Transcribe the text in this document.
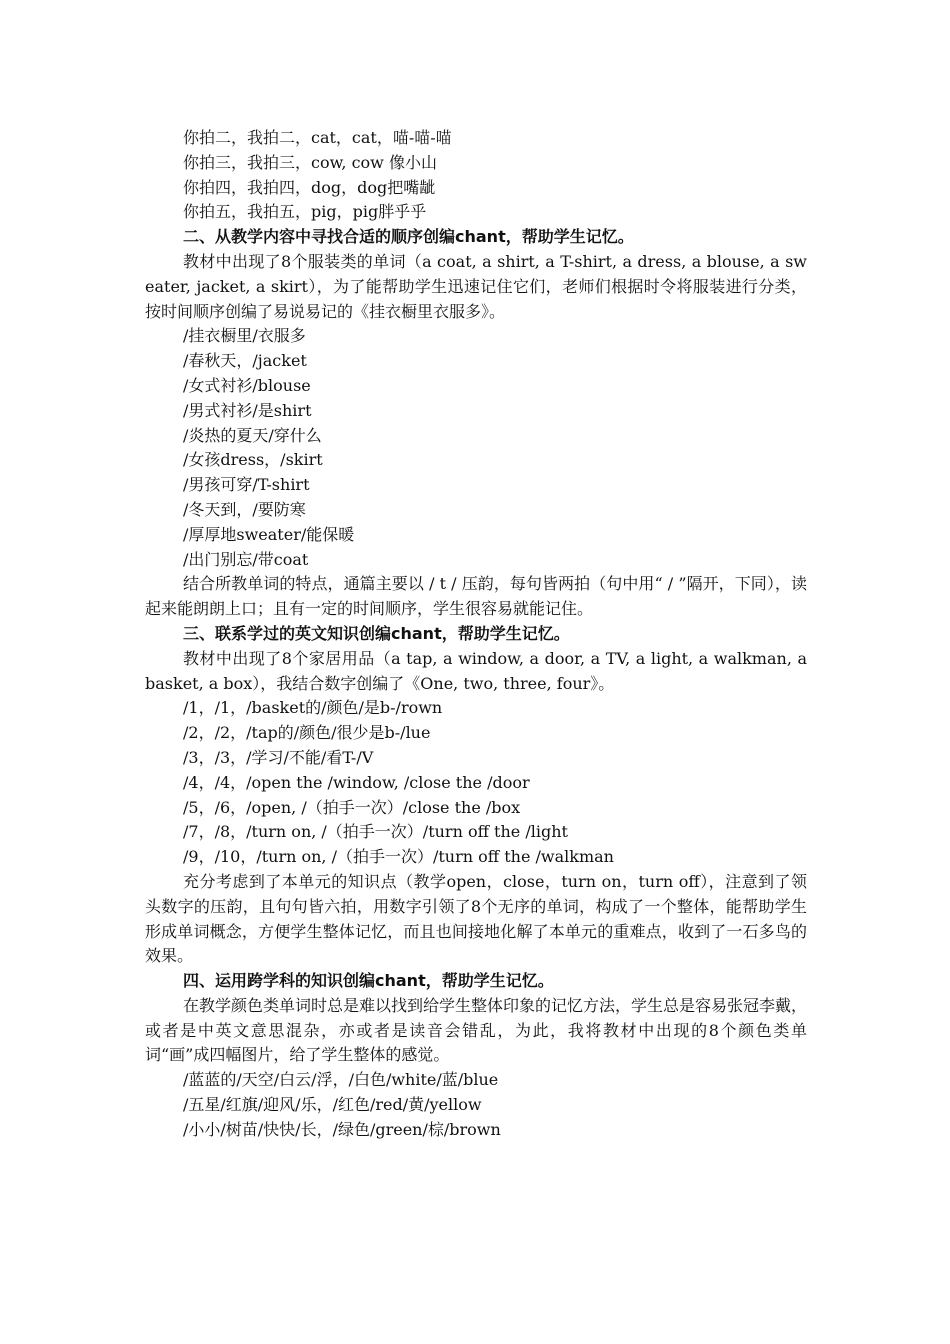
你拍二，我拍二，cat，cat，喵-喵-喵

你拍三，我拍三，cow, cow 像小山

你拍四，我拍四，dog，dog把嘴龇

你拍五，我拍五，pig，pig胖乎乎

二、从教学内容中寻找合适的顺序创编chant，帮助学生记忆。

教材中出现了8个服装类的单词（a coat, a shirt, a T-shirt, a dress, a blouse, a sweater, jacket, a skirt），为了能帮助学生迅速记住它们，老师们根据时令将服装进行分类，按时间顺序创编了易说易记的《挂衣橱里衣服多》。

/挂衣橱里/衣服多

/春秋天，/jacket

/女式衬衫/blouse

/男式衬衫/是shirt

/炎热的夏天/穿什么

/女孩dress，/skirt

/男孩可穿/T-shirt

/冬天到，/要防寒

/厚厚地sweater/能保暖

/出门别忘/带coat

结合所教单词的特点，通篇主要以 / t / 压韵，每句皆两拍（句中用“ / ”隔开，下同），读起来能朗朗上口；且有一定的时间顺序，学生很容易就能记住。

三、联系学过的英文知识创编chant，帮助学生记忆。

教材中出现了8个家居用品（a tap, a window, a door, a TV, a light, a walkman, a basket, a box），我结合数字创编了《One, two, three, four》。

/1，/1，/basket的/颜色/是b-/rown

/2，/2，/tap的/颜色/很少是b-/lue

/3，/3，/学习/不能/看T-/V

/4，/4，/open the /window, /close the /door

/5，/6，/open, /（拍手一次）/close the /box

/7，/8，/turn on, /（拍手一次）/turn off the /light

/9，/10，/turn on, /（拍手一次）/turn off the /walkman

充分考虑到了本单元的知识点（教学open，close，turn on，turn off），注意到了领头数字的压韵，且句句皆六拍，用数字引领了8个无序的单词，构成了一个整体，能帮助学生形成单词概念，方便学生整体记忆，而且也间接地化解了本单元的重难点，收到了一石多鸟的效果。

四、运用跨学科的知识创编chant，帮助学生记忆。

在教学颜色类单词时总是难以找到给学生整体印象的记忆方法，学生总是容易张冠李戴，或者是中英文意思混杂，亦或者是读音会错乱，为此，我将教材中出现的8个颜色类单词“画”成四幅图片，给了学生整体的感觉。

/蓝蓝的/天空/白云/浮，/白色/white/蓝/blue

/五星/红旗/迎风/乐，/红色/red/黄/yellow

/小小/树苗/快快/长，/绿色/green/棕/brown
